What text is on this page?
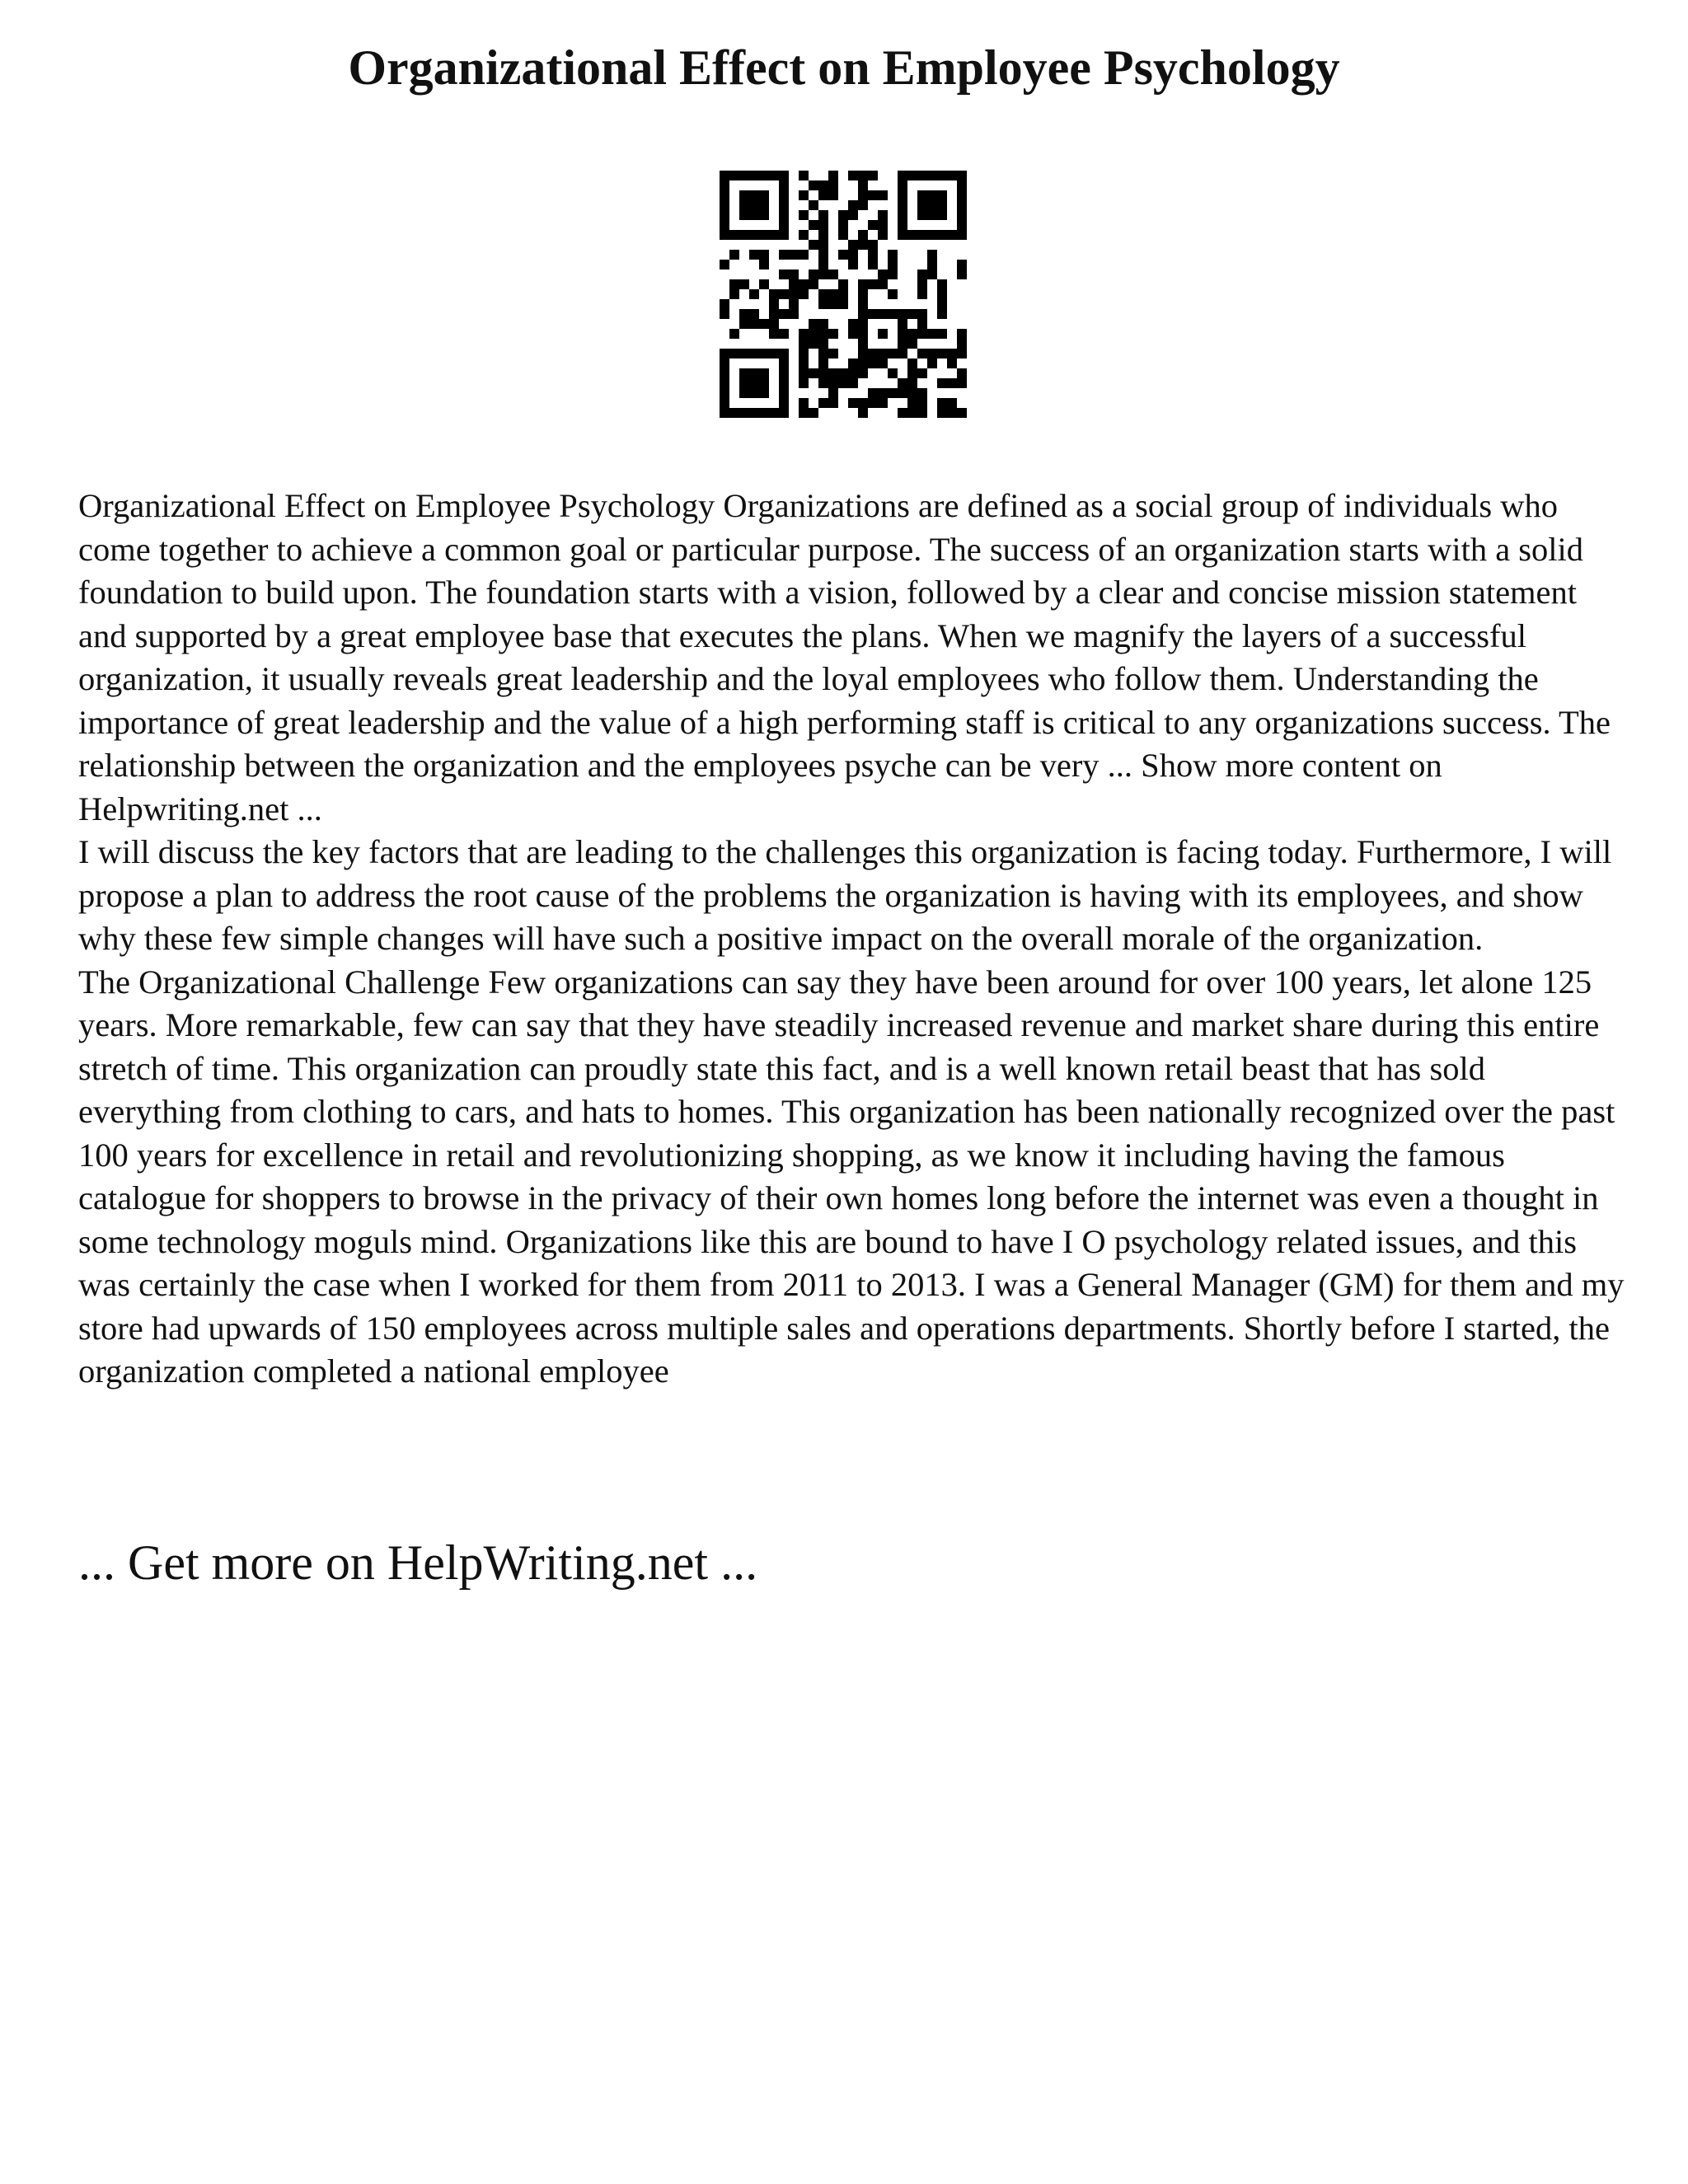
Organizational Effect on Employee Psychology

Organizational Effect on Employee Psychology Organizations are defined as a social group of individuals who come together to achieve a common goal or particular purpose. The success of an organization starts with a solid foundation to build upon. The foundation starts with a vision, followed by a clear and concise mission statement and supported by a great employee base that executes the plans. When we magnify the layers of a successful organization, it usually reveals great leadership and the loyal employees who follow them. Understanding the importance of great leadership and the value of a high performing staff is critical to any organizations success. The relationship between the organization and the employees psyche can be very ... Show more content on Helpwriting.net ...

I will discuss the key factors that are leading to the challenges this organization is facing today. Furthermore, I will propose a plan to address the root cause of the problems the organization is having with its employees, and show why these few simple changes will have such a positive impact on the overall morale of the organization.

The Organizational Challenge Few organizations can say they have been around for over 100 years, let alone 125 years. More remarkable, few can say that they have steadily increased revenue and market share during this entire stretch of time. This organization can proudly state this fact, and is a well known retail beast that has sold everything from clothing to cars, and hats to homes. This organization has been nationally recognized over the past 100 years for excellence in retail and revolutionizing shopping, as we know it including having the famous catalogue for shoppers to browse in the privacy of their own homes long before the internet was even a thought in some technology moguls mind. Organizations like this are bound to have I O psychology related issues, and this was certainly the case when I worked for them from 2011 to 2013. I was a General Manager (GM) for them and my store had upwards of 150 employees across multiple sales and operations departments. Shortly before I started, the organization completed a national employee

... Get more on HelpWriting.net ...
